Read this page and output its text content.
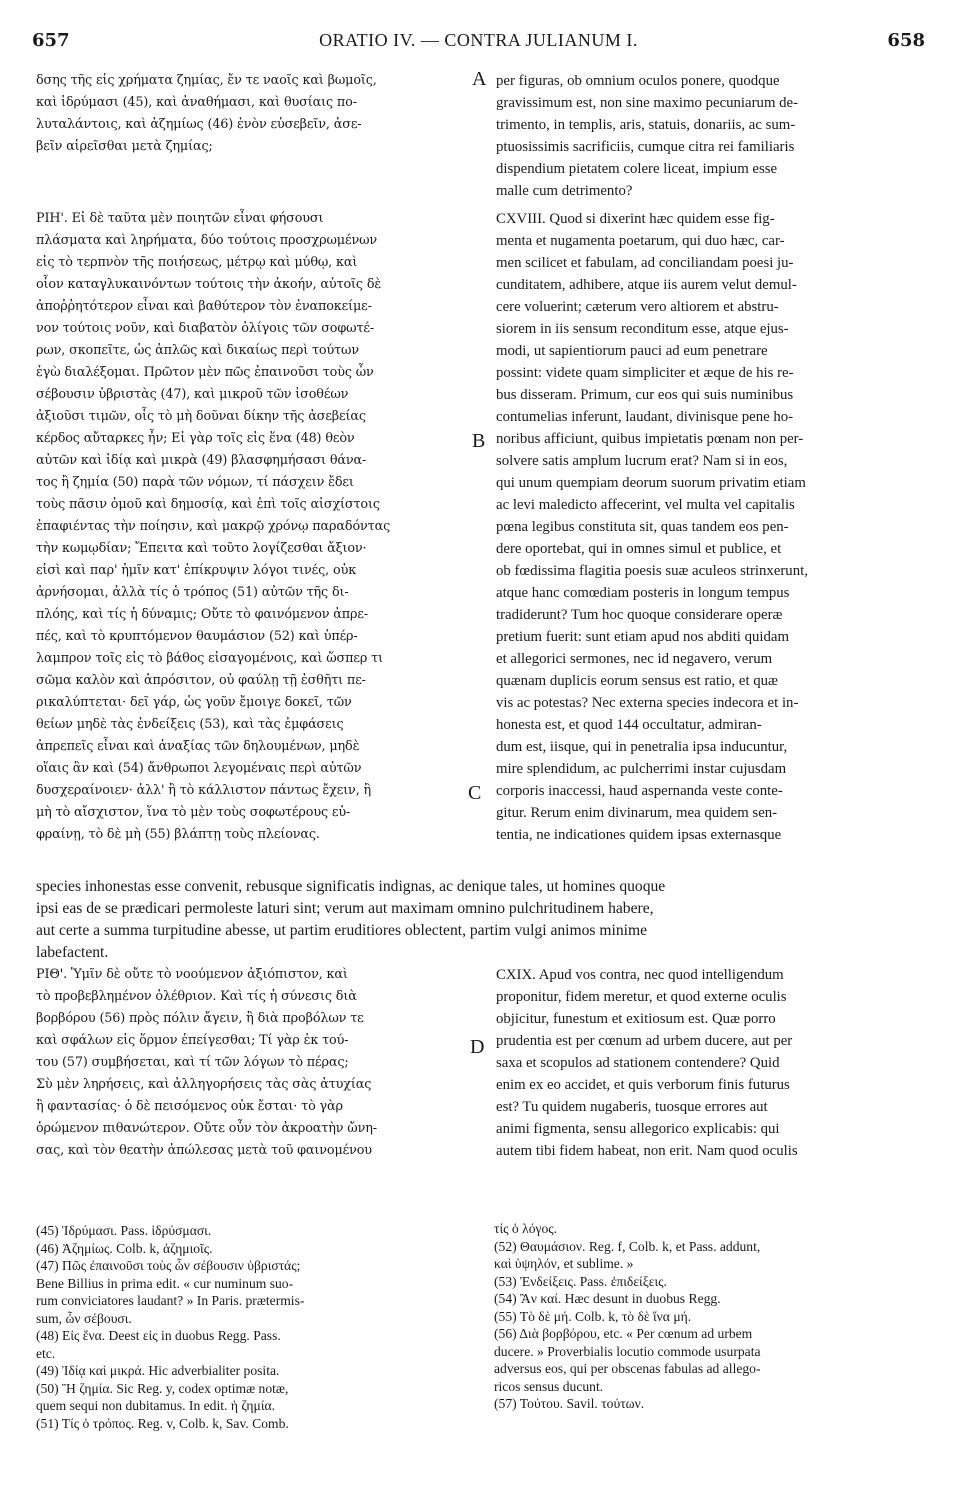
657	ORATIO IV. — CONTRA JULIANUM I.	658
δσης τῆς εἰς χρήματα ζημίας, ἔν τε ναοῖς καὶ βωμοῖς,
καὶ ἱδρύμασι (45), καὶ ἀναθήμασι, καὶ θυσίαις πο-
λυταλάντοις, καὶ ἀζημίως (46) ἐνὸν εὐσεβεῖν, ἀσε-
βεῖν αἱρεῖσθαι μετὰ ζημίας;
per figuras, ob omnium oculos ponere, quodque
gravissimum est, non sine maximo pecuniarum de-
trimento, in templis, aris, statuis, donariis, ac sum-
ptuosissimis sacrificiis, cumque citra rei familiaris
dispendium pietatem colere liceat, impium esse
malle cum detrimento?
ΡΙΗ'. Εἰ δὲ ταῦτα μὲν ποιητῶν εἶναι φήσουσι
πλάσματα καὶ ληρήματα, δύο τούτοις προσχρωμένων
εἰς τὸ τερπνὸν τῆς ποιήσεως, μέτρῳ καὶ μύθῳ, καὶ
οἷον καταγλυκαινόντων τούτοις τὴν ἀκοήν, αὐτοῖς δὲ
ἀποῤῥητότερον εἶναι καὶ βαθύτερον τὸν ἐναποκείμε-
νον τούτοις νοῦν, καὶ διαβατὸν ὀλίγοις τῶν σοφωτέ-
ρων, σκοπεῖτε, ὡς ἁπλῶς καὶ δικαίως περὶ τούτων
ἐγὼ διαλέξομαι. Πρῶτον μὲν πῶς ἐπαινοῦσι τοὺς ὧν
σέβουσιν ὑβριστὰς (47), καὶ μικροῦ τῶν ἰσοθέων
ἀξιοῦσι τιμῶν, οἷς τὸ μὴ δοῦναι δίκην τῆς ἀσεβείας
κέρδος αὔταρκες ἦν; Εἰ γὰρ τοῖς εἰς ἕνα (48) θεὸν
αὐτῶν καὶ ἰδίᾳ καὶ μικρὰ (49) βλασφημήσασι θάνα-
τος ἢ ζημία (50) παρὰ τῶν νόμων, τί πάσχειν ἔδει
τοὺς πᾶσιν ὁμοῦ καὶ δημοσίᾳ, καὶ ἐπὶ τοῖς αἰσχίστοις
ἐπαφιέντας τὴν ποίησιν, καὶ μακρῷ χρόνῳ παραδόντας
τὴν κωμῳδίαν; Ἔπειτα καὶ τοῦτο λογίζεσθαι ἄξιον·
εἰσὶ καὶ παρ' ἡμῖν κατ' ἐπίκρυψιν λόγοι τινές, οὐκ
ἀρνήσομαι, ἀλλὰ τίς ὁ τρόπος (51) αὐτῶν τῆς δι-
πλόης, καὶ τίς ἡ δύναμις; Οὔτε τὸ φαινόμενον ἀπρε-
πές, καὶ τὸ κρυπτόμενον θαυμάσιον (52) καὶ ὑπέρ-
λαμπρον τοῖς εἰς τὸ βάθος εἰσαγομένοις, καὶ ὥσπερ τι
σῶμα καλὸν καὶ ἀπρόσιτον, οὐ φαύλῃ τῇ ἐσθῆτι πε-
ρικαλύπτεται· δεῖ γάρ, ὡς γοῦν ἔμοιγε δοκεῖ, τῶν
θείων μηδὲ τὰς ἐνδείξεις (53), καὶ τὰς ἐμφάσεις
ἀπρεπεῖς εἶναι καὶ ἀναξίας τῶν δηλουμένων, μηδὲ
οἵαις ἂν καὶ (54) ἄνθρωποι λεγομέναις περὶ αὐτῶν
δυσχεραίνοιεν· ἀλλ' ἢ τὸ κάλλιστον πάντως ἔχειν, ἢ
μὴ τὸ αἴσχιστον, ἵνα τὸ μὲν τοὺς σοφωτέρους εὐ-
φραίνῃ, τὸ δὲ μὴ (55) βλάπτῃ τοὺς πλείονας.
CXVIII. Quod si dixerint hæc quidem esse fig-
menta et nugamenta poetarum, qui duo hæc, car-
men scilicet et fabulam, ad conciliandam poesi ju-
cunditatem, adhibere, atque iis aurem velut demul-
cere voluerint; cæterum vero altiorem et abstru-
siorem in iis sensum reconditum esse, atque ejus-
modi, ut sapientiorum pauci ad eum penetrare
possint: videte quam simpliciter et æque de his re-
bus disseram. Primum, cur eos qui suis numinibus
contumelias inferunt, laudant, divinisque pene ho-
noribus afficiunt, quibus impietatis pœnam non per-
solvere satis amplum lucrum erat? Nam si in eos,
qui unum quempiam deorum suorum privatim etiam
ac levi maledicto affecerint, vel multa vel capitalis
pœna legibus constituta sit, quas tandem eos pen-
dere oportebat, qui in omnes simul et publice, et
ob fœdissima flagitia poesis suæ aculeos strinxerunt,
atque hanc comœdiam posteris in longum tempus
tradiderunt? Tum hoc quoque considerare operæ
pretium fuerit: sunt etiam apud nos abditi quidam
et allegorici sermones, nec id negavero, verum
quænam duplicis eorum sensus est ratio, et quæ
vis ac potestas? Nec externa species indecora et in-
honesta est, et quod 144 occultatur, admiran-
dum est, iisque, qui in penetralia ipsa inducuntur,
mire splendidum, ac pulcherrimi instar cujusdam
corporis inaccessi, haud aspernanda veste conte-
gitur. Rerum enim divinarum, mea quidem sen-
tentia, ne indicationes quidem ipsas externasque
species inhonestas esse convenit, rebusque significatis indignas, ac denique tales, ut homines quoque
ipsi eas de se prædicari permoleste laturi sint; verum aut maximam omnino pulchritudinem habere,
aut certe a summa turpitudine abesse, ut partim eruditiores oblectent, partim vulgi animos minime
labefactent.
ΡΙΘ'. Ὑμῖν δὲ οὔτε τὸ νοούμενον ἀξιόπιστον, καὶ
τὸ προβεβλημένον ὀλέθριον. Καὶ τίς ἡ σύνεσις διὰ
βορβόρου (56) πρὸς πόλιν ἄγειν, ἢ διὰ προβόλων τε
καὶ σφάλων εἰς ὅρμον ἐπείγεσθαι; Τί γὰρ ἐκ τού-
του (57) συμβήσεται, καὶ τί τῶν λόγων τὸ πέρας;
Σὺ μὲν ληρήσεις, καὶ ἀλληγορήσεις τὰς σὰς ἀτυχίας
ἢ φαντασίας· ὁ δὲ πεισόμενος οὐκ ἔσται· τὸ γὰρ
ὁρώμενον πιθανώτερον. Οὔτε οὖν τὸν ἀκροατὴν ὤνη-
σας, καὶ τὸν θεατὴν ἀπώλεσας μετὰ τοῦ φαινομένου
CXIX. Apud vos contra, nec quod intelligendum
proponitur, fidem meretur, et quod externe oculis
objicitur, funestum et exitiosum est. Quæ porro
prudentia est per cœnum ad urbem ducere, aut per
saxa et scopulos ad stationem contendere? Quid
enim ex eo accidet, et quis verborum finis futurus
est? Tu quidem nugaberis, tuosque errores aut
animi figmenta, sensu allegorico explicabis: qui
autem tibi fidem habeat, non erit. Nam quod oculis
A
B
C
D
(45) Ἱδρύμασι. Pass. ἱδρύσμασι.
(46) Ἀζημίως. Colb. k, ἀζημιοῖς.
(47) Πῶς ἐπαινοῦσι τοὺς ὧν σέβουσιν ὑβριστάς;
Bene Billius in prima edit. « cur numinum suo-
rum conviciatores laudant? » In Paris. prætermis-
sum, ὧν σέβουσι.
(48) Εἰς ἕνα. Deest εἰς in duobus Regg. Pass.
etc.
(49) Ἰδίᾳ καὶ μικρά. Hic adverbialiter posita.
(50) Ἢ ζημία. Sic Reg. y, codex optimæ notæ,
quem sequi non dubitamus. In edit. ἡ ζημία.
(51) Τίς ὁ τρόπος. Reg. v, Colb. k, Sav. Comb.
τίς ὁ λόγος.
(52) Θαυμάσιον. Reg. f, Colb. k, et Pass. addunt,
καὶ ὑψηλόν, et sublime. »
(53) Ἐνδείξεις. Pass. ἐπιδείξεις.
(54) Ἂν καί. Hæc desunt in duobus Regg.
(55) Τὸ δὲ μή. Colb. k, τὸ δὲ ἵνα μή.
(56) Διὰ βορβόρου, etc. « Per cœnum ad urbem
ducere. » Proverbialis locutio commode usurpata
adversus eos, qui per obscenas fabulas ad allego-
ricos sensus ducunt.
(57) Τούτου. Savil. τούτων.
